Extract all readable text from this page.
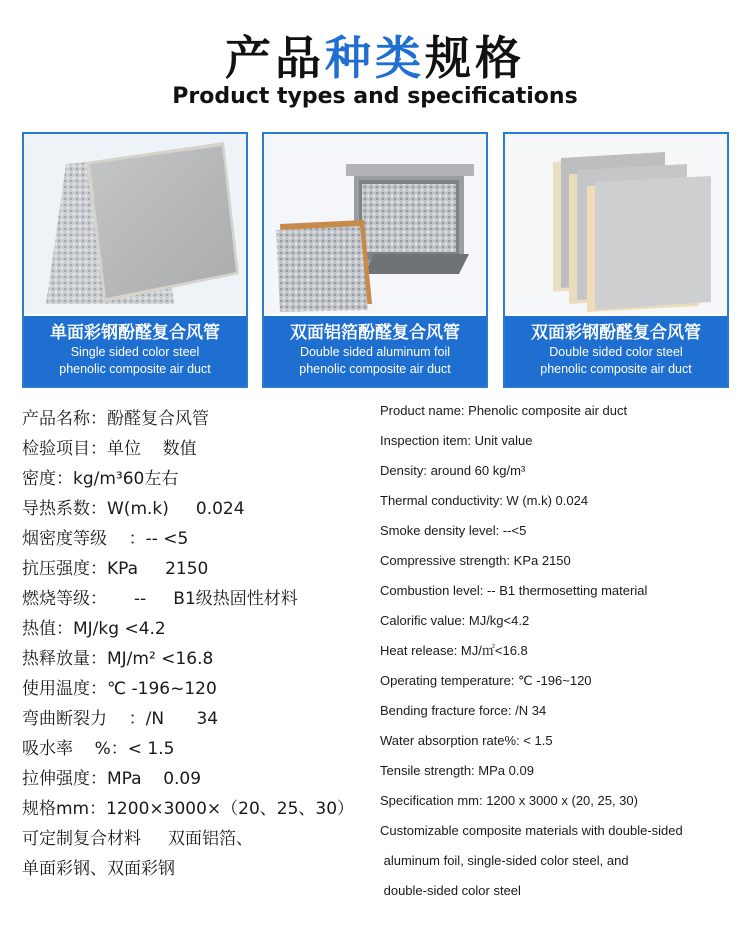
产品种类规格
Product types and specifications
单面彩钢酚醛复合风管
Single sided color steel
phenolic composite air duct
双面铝箔酚醛复合风管
Double sided aluminum foil
phenolic composite air duct
双面彩钢酚醛复合风管
Double sided color steel
phenolic composite air duct
产品名称：酚醛复合风管
检验项目：单位    数值
密度：kg/m³60左右
导热系数：W(m.k)     0.024
烟密度等级    ：-- <5
抗压强度：KPa     2150
燃烧等级：     --     B1级热固性材料
热值：MJ/kg <4.2
热释放量：MJ/m² <16.8
使用温度：℃ -196~120
弯曲断裂力    ：/N      34
吸水率    %：< 1.5
拉伸强度：MPa    0.09
规格mm：1200×3000×（20、25、30）
可定制复合材料     双面铝箔、
单面彩钢、双面彩钢
Product name: Phenolic composite air duct
Inspection item: Unit value
Density: around 60 kg/m³
Thermal conductivity: W (m.k) 0.024
Smoke density level: --<5
Compressive strength: KPa 2150
Combustion level: -- B1 thermosetting material
Calorific value: MJ/kg<4.2
Heat release: MJ/㎡<16.8
Operating temperature: ℃ -196~120
Bending fracture force: /N 34
Water absorption rate%: < 1.5
Tensile strength: MPa 0.09
Specification mm: 1200 x 3000 x (20, 25, 30)
Customizable composite materials with double-sided
aluminum foil, single-sided color steel, and
double-sided color steel
